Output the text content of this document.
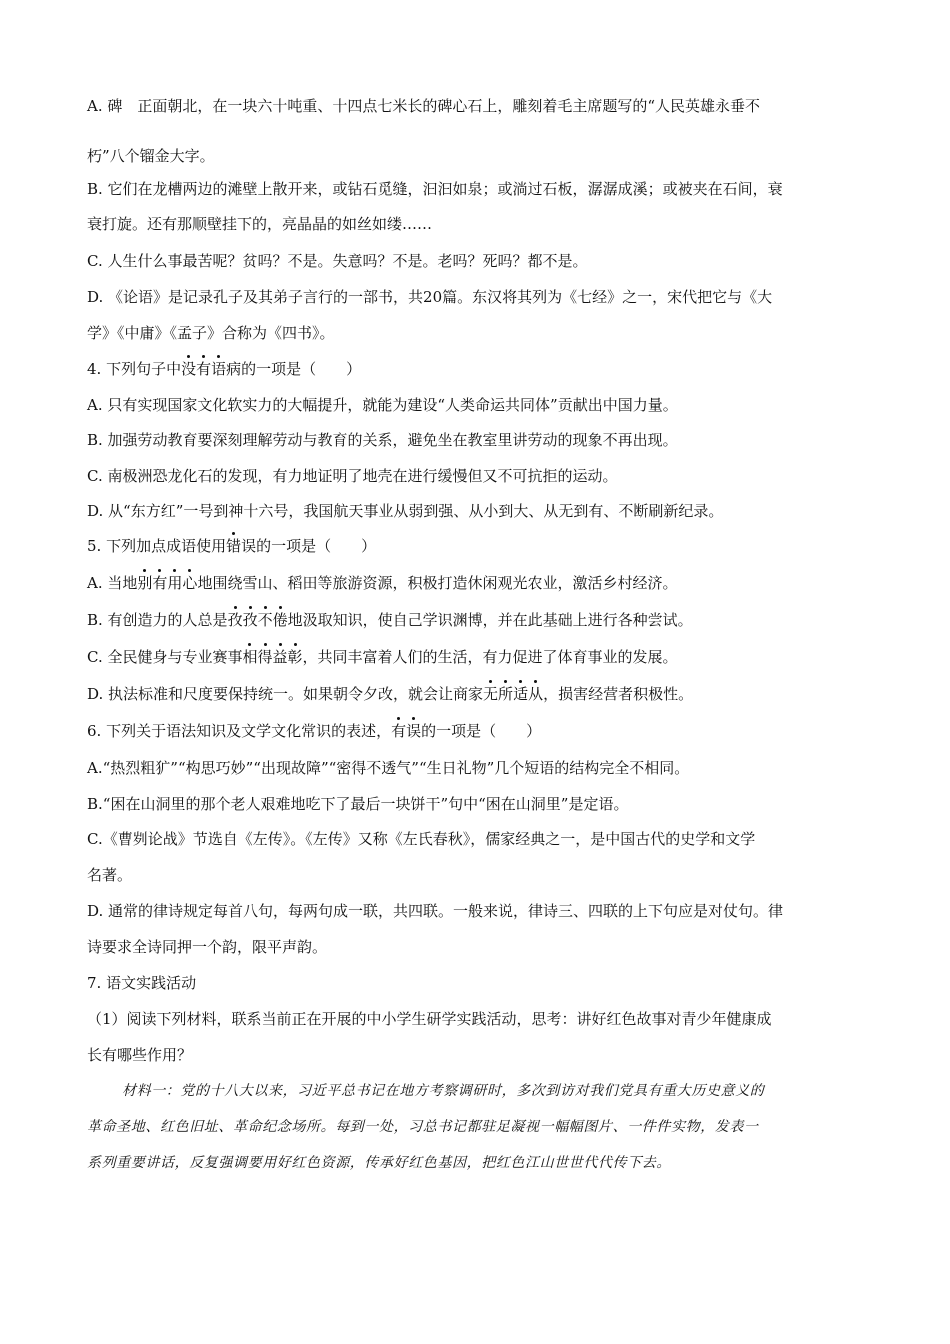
A. 碑　正面朝北，在一块六十吨重、十四点七米长的碑心石上，雕刻着毛主席题写的“人民英雄永垂不
朽”八个镏金大字。
B. 它们在龙槽两边的滩壁上散开来，或钻石觅缝，汩汩如泉；或淌过石板，潺潺成溪；或被夹在石间，衰
衰打旋。还有那顺壁挂下的，亮晶晶的如丝如缕……
C. 人生什么事最苦呢？贫吗？不是。失意吗？不是。老吗？死吗？都不是。
D. 《论语》是记录孔子及其弟子言行的一部书，共20篇。东汉将其列为《七经》之一，宋代把它与《大
学》《中庸》《孟子》合称为《四书》。
4. 下列句子中没有语病的一项是（　　）
A. 只有实现国家文化软实力的大幅提升，就能为建设“人类命运共同体”贡献出中国力量。
B. 加强劳动教育要深刻理解劳动与教育的关系，避免坐在教室里讲劳动的现象不再出现。
C. 南极洲恐龙化石的发现，有力地证明了地壳在进行缓慢但又不可抗拒的运动。
D. 从“东方红”一号到神十六号，我国航天事业从弱到强、从小到大、从无到有、不断刷新纪录。
5. 下列加点成语使用错误的一项是（　　）
A. 当地别有用心地围绕雪山、稻田等旅游资源，积极打造休闲观光农业，激活乡村经济。
B. 有创造力的人总是孜孜不倦地汲取知识，使自己学识渊博，并在此基础上进行各种尝试。
C. 全民健身与专业赛事相得益彰，共同丰富着人们的生活，有力促进了体育事业的发展。
D. 执法标准和尺度要保持统一。如果朝令夕改，就会让商家无所适从，损害经营者积极性。
6. 下列关于语法知识及文学文化常识的表述，有误的一项是（　　）
A.“热烈粗犷”“构思巧妙”“出现故障”“密得不透气”“生日礼物”几个短语的结构完全不相同。
B.“困在山洞里的那个老人艰难地吃下了最后一块饼干”句中“困在山洞里”是定语。
C.《曹刿论战》节选自《左传》。《左传》又称《左氏春秋》，儒家经典之一，是中国古代的史学和文学
名著。
D. 通常的律诗规定每首八句，每两句成一联，共四联。一般来说，律诗三、四联的上下句应是对仗句。律
诗要求全诗同押一个韵，限平声韵。
7. 语文实践活动
（1）阅读下列材料，联系当前正在开展的中小学生研学实践活动，思考：讲好红色故事对青少年健康成
长有哪些作用？
材料一：党的十八大以来，习近平总书记在地方考察调研时，多次到访对我们党具有重大历史意义的
革命圣地、红色旧址、革命纪念场所。每到一处，习总书记都驻足凝视一幅幅图片、一件件实物，发表一
系列重要讲话，反复强调要用好红色资源，传承好红色基因，把红色江山世世代代传下去。
